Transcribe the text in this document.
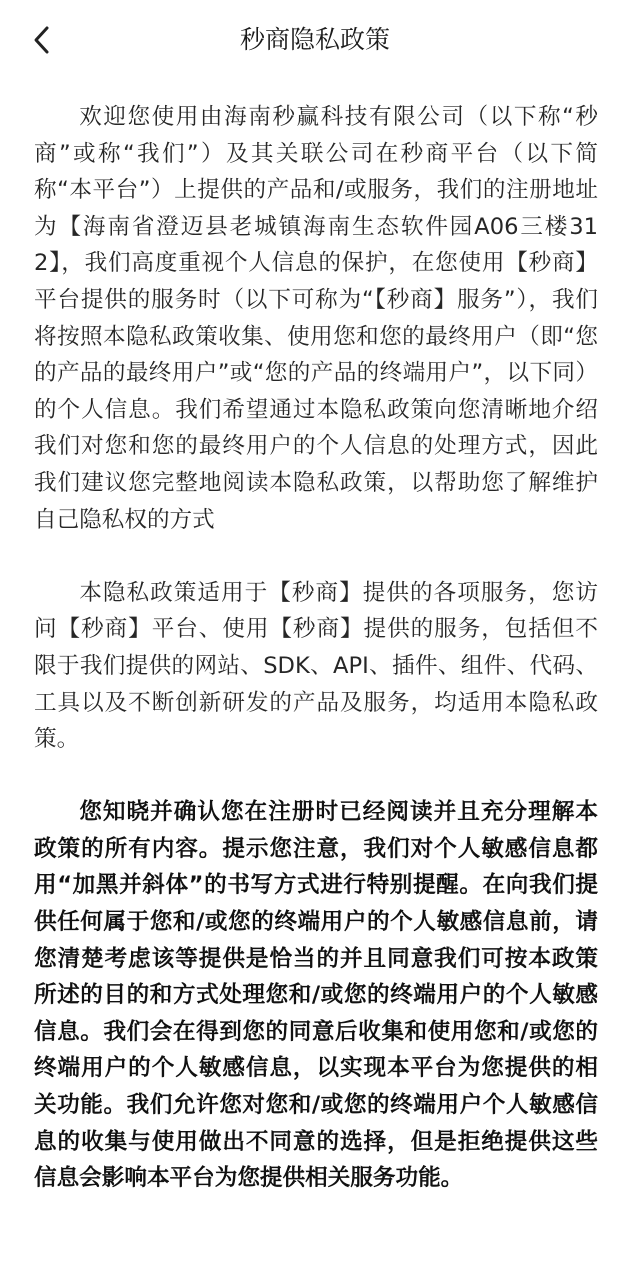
秒商隐私政策

欢迎您使用由海南秒赢科技有限公司（以下称“秒商”或称“我们”）及其关联公司在秒商平台（以下简称“本平台”）上提供的产品和/或服务，我们的注册地址为【海南省澄迈县老城镇海南生态软件园A06三楼312】，我们高度重视个人信息的保护，在您使用【秒商】平台提供的服务时（以下可称为“【秒商】服务”），我们将按照本隐私政策收集、使用您和您的最终用户（即“您的产品的最终用户”或“您的产品的终端用户”，以下同）的个人信息。我们希望通过本隐私政策向您清晰地介绍我们对您和您的最终用户的个人信息的处理方式，因此我们建议您完整地阅读本隐私政策，以帮助您了解维护自己隐私权的方式

本隐私政策适用于【秒商】提供的各项服务，您访问【秒商】平台、使用【秒商】提供的服务，包括但不限于我们提供的网站、SDK、API、插件、组件、代码、工具以及不断创新研发的产品及服务，均适用本隐私政策。

您知晓并确认您在注册时已经阅读并且充分理解本政策的所有内容。提示您注意，我们对个人敏感信息都用“加黑并斜体”的书写方式进行特别提醒。在向我们提供任何属于您和/或您的终端用户的个人敏感信息前，请您清楚考虑该等提供是恰当的并且同意我们可按本政策所述的目的和方式处理您和/或您的终端用户的个人敏感信息。我们会在得到您的同意后收集和使用您和/或您的终端用户的个人敏感信息，以实现本平台为您提供的相关功能。我们允许您对您和/或您的终端用户个人敏感信息的收集与使用做出不同意的选择，但是拒绝提供这些信息会影响本平台为您提供相关服务功能。
